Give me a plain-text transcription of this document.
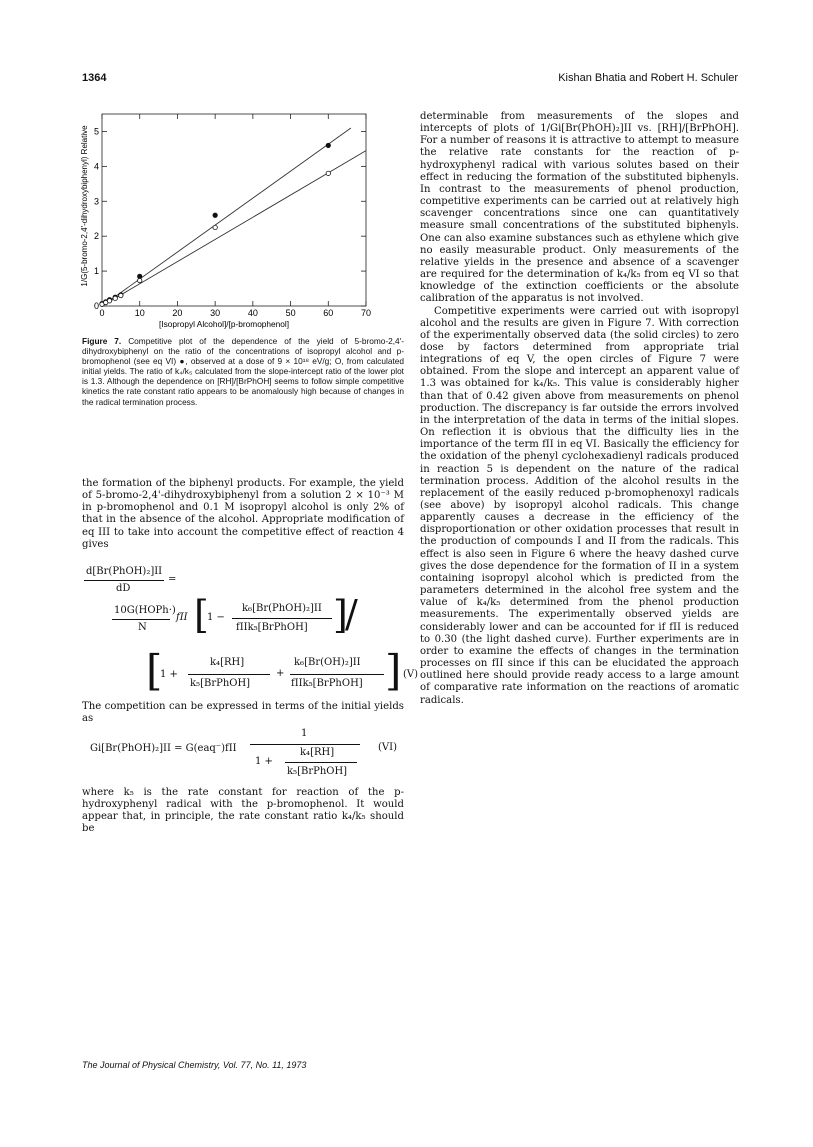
1364	Kishan Bhatia and Robert H. Schuler
0	10	20	30	40	50	60	70
0
1
2
3
4
5
[Isopropyl Alcohol]/[p-bromophenol]
1/G(5-bromo-2,4'-dihydroxybiphenyl) Relative
Figure 7. Competitive plot of the dependence of the yield of 5-bromo-2,4'-dihydroxybiphenyl on the ratio of the concentrations of isopropyl alcohol and p-bromophenol (see eq VI) ●, observed at a dose of 9 × 10¹⁸ eV/g; O, from calculated initial yields. The ratio of k₄/k₅ calculated from the slope-intercept ratio of the lower plot is 1.3. Although the dependence on [RH]/[BrPhOH] seems to follow simple competitive kinetics the rate constant ratio appears to be anomalously high because of changes in the radical termination process.

the formation of the biphenyl products. For example, the yield of 5-bromo-2,4'-dihydroxybiphenyl from a solution 2 × 10⁻³ M in p-bromophenol and 0.1 M isopropyl alcohol is only 2% of that in the absence of the alcohol. Appropriate modification of eq III to take into account the competitive effect of reaction 4 gives

d[Br(PhOH)₂]II
dD
=
10G(HOPh·)
N
fII [
1 −
k₆[Br(PhOH)₂]II
fIIk₅[BrPhOH] ]
/
[
1 +
k₄[RH]
k₅[BrPhOH]
+
k₆[Br(OH)₂]II
fIIk₅[BrPhOH] ] (V)

The competition can be expressed in terms of the initial yields as

Gi[Br(PhOH)₂]II = G(eaq⁻)fII
1
1 +
k₄[RH]
k₅[BrPhOH]
(VI)

where k₅ is the rate constant for reaction of the p-hydroxyphenyl radical with the p-bromophenol. It would appear that, in principle, the rate constant ratio k₄/k₅ should be

determinable from measurements of the slopes and intercepts of plots of 1/Gi[Br(PhOH)₂]II vs. [RH]/[BrPhOH]. For a number of reasons it is attractive to attempt to measure the relative rate constants for the reaction of p-hydroxyphenyl radical with various solutes based on their effect in reducing the formation of the substituted biphenyls. In contrast to the measurements of phenol production, competitive experiments can be carried out at relatively high scavenger concentrations since one can quantitatively measure small concentrations of the substituted biphenyls. One can also examine substances such as ethylene which give no easily measurable product. Only measurements of the relative yields in the presence and absence of a scavenger are required for the determination of k₄/k₅ from eq VI so that knowledge of the extinction coefficients or the absolute calibration of the apparatus is not involved.

Competitive experiments were carried out with isopropyl alcohol and the results are given in Figure 7. With correction of the experimentally observed data (the solid circles) to zero dose by factors determined from appropriate trial integrations of eq V, the open circles of Figure 7 were obtained. From the slope and intercept an apparent value of 1.3 was obtained for k₄/k₅. This value is considerably higher than that of 0.42 given above from measurements on phenol production. The discrepancy is far outside the errors involved in the interpretation of the data in terms of the initial slopes. On reflection it is obvious that the difficulty lies in the importance of the term fII in eq VI. Basically the efficiency for the oxidation of the phenyl cyclohexadienyl radicals produced in reaction 5 is dependent on the nature of the radical termination process. Addition of the alcohol results in the replacement of the easily reduced p-bromophenoxyl radicals (see above) by isopropyl alcohol radicals. This change apparently causes a decrease in the efficiency of the disproportionation or other oxidation processes that result in the production of compounds I and II from the radicals. This effect is also seen in Figure 6 where the heavy dashed curve gives the dose dependence for the formation of II in a system containing isopropyl alcohol which is predicted from the parameters determined in the alcohol free system and the value of k₄/k₅ determined from the phenol production measurements. The experimentally observed yields are considerably lower and can be accounted for if fII is reduced to 0.30 (the light dashed curve). Further experiments are in order to examine the effects of changes in the termination processes on fII since if this can be elucidated the approach outlined here should provide ready access to a large amount of comparative rate information on the reactions of aromatic radicals.

The Journal of Physical Chemistry, Vol. 77, No. 11, 1973
